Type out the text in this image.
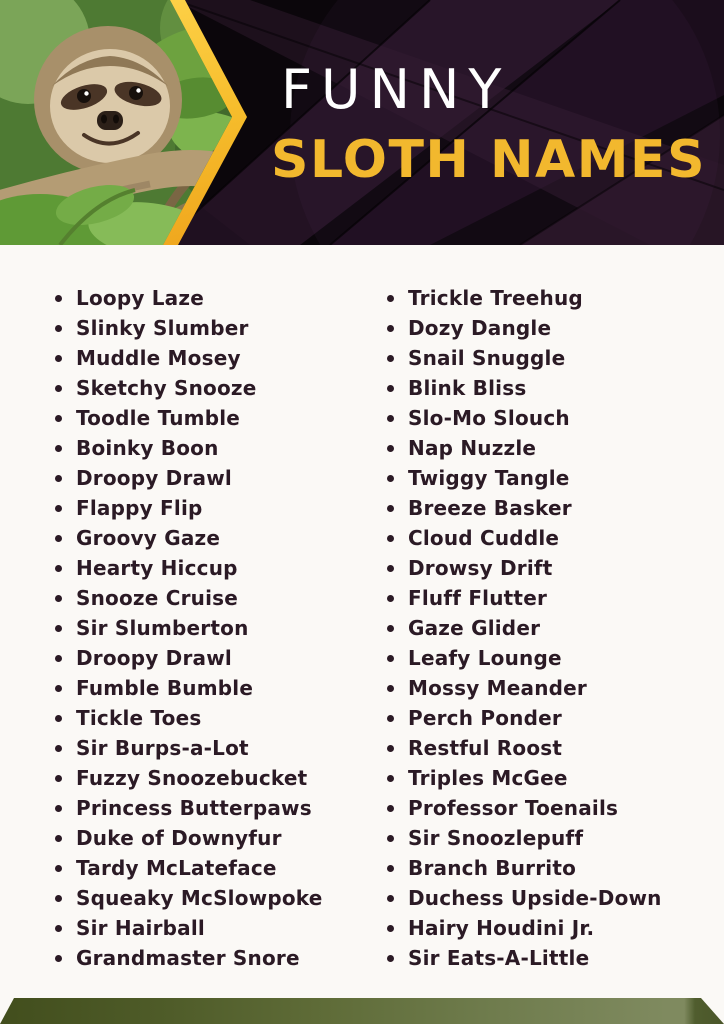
FUNNY
SLOTH NAMES
Loopy Laze
Slinky Slumber
Muddle Mosey
Sketchy Snooze
Toodle Tumble
Boinky Boon
Droopy Drawl
Flappy Flip
Groovy Gaze
Hearty Hiccup
Snooze Cruise
Sir Slumberton
Droopy Drawl
Fumble Bumble
Tickle Toes
Sir Burps-a-Lot
Fuzzy Snoozebucket
Princess Butterpaws
Duke of Downyfur
Tardy McLateface
Squeaky McSlowpoke
Sir Hairball
Grandmaster Snore
Trickle Treehug
Dozy Dangle
Snail Snuggle
Blink Bliss
Slo-Mo Slouch
Nap Nuzzle
Twiggy Tangle
Breeze Basker
Cloud Cuddle
Drowsy Drift
Fluff Flutter
Gaze Glider
Leafy Lounge
Mossy Meander
Perch Ponder
Restful Roost
Triples McGee
Professor Toenails
Sir Snoozlepuff
Branch Burrito
Duchess Upside-Down
Hairy Houdini Jr.
Sir Eats-A-Little
